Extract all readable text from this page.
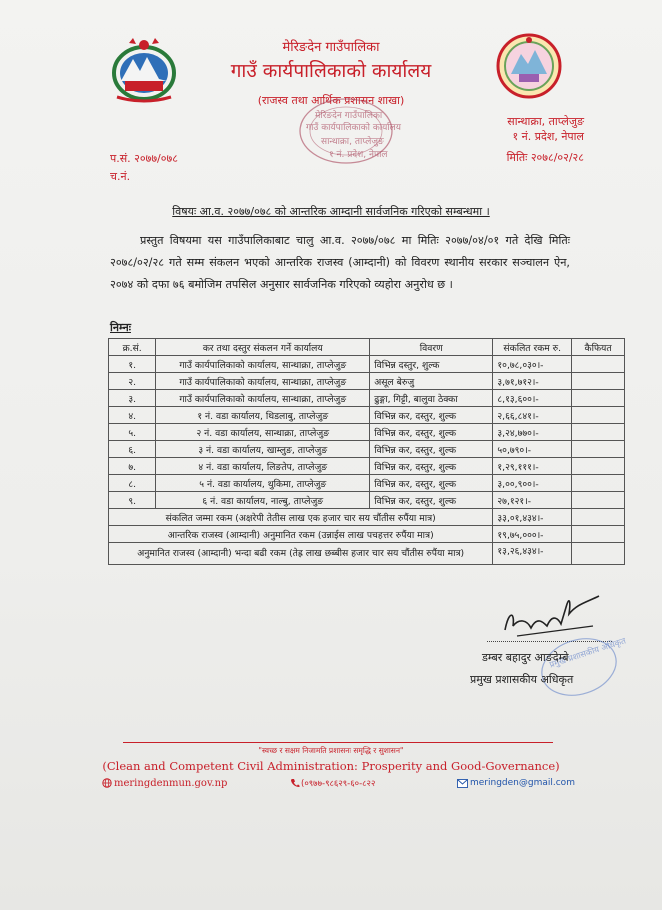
मेरिङदेन गाउँपालिका
गाउँ कार्यपालिकाको कार्यालय
(राजस्व तथा आर्थिक प्रशासन शाखा)
मेरिङदेन गाउँपालिका
गाउँ कार्यपालिकाको कार्यालय
सान्थाक्रा, ताप्लेजुङ
१ नं. प्रदेश, नेपाल
सान्थाक्रा, ताप्लेजुङ
१ नं. प्रदेश, नेपाल
मितिः २०७८/०२/२८
प.सं. २०७७/०७८
च.नं.
विषयः आ.व. २०७७/०७८ को आन्तरिक आम्दानी सार्वजनिक गरिएको सम्बन्धमा ।
प्रस्तुत विषयमा यस गाउँपालिकाबाट चालु आ.व. २०७७/०७८ मा मितिः २०७७/०४/०१ गते देखि मितिः २०७८/०२/२८ गते सम्म संकलन भएको आन्तरिक राजस्व (आम्दानी) को विवरण स्थानीय सरकार सञ्चालन ऐन, २०७४ को दफा ७६ बमोजिम तपसिल अनुसार सार्वजनिक गरिएको व्यहोरा अनुरोध छ ।
निम्नः
क्र.सं.	कर तथा दस्तुर संकलन गर्ने कार्यालय	विवरण	संकलित रकम रु.	कैफियत
१.	गाउँ कार्यपालिकाको कार्यालय, सान्थाक्रा, ताप्लेजुङ	विभिन्न दस्तुर, शुल्क	१०,७८,०३०।-	
२.	गाउँ कार्यपालिकाको कार्यालय, सान्थाक्रा, ताप्लेजुङ	असूल बेरुजु	३,७१,७१२।-	
३.	गाउँ कार्यपालिकाको कार्यालय, सान्थाक्रा, ताप्लेजुङ	ढुङ्गा, गिट्टी, बालुवा ठेक्का	८,१३,६००।-	
४.	१ नं. वडा कार्यालय, थिडलाबु, ताप्लेजुङ	विभिन्न कर, दस्तुर, शुल्क	२,६६,८४१।-	
५.	२ नं. वडा कार्यालय, सान्थाक्रा, ताप्लेजुङ	विभिन्न कर, दस्तुर, शुल्क	३,२४,७७०।-	
६.	३ नं. वडा कार्यालय, खाम्लुङ, ताप्लेजुङ	विभिन्न कर, दस्तुर, शुल्क	५०,७९०।-	
७.	४ नं. वडा कार्यालय, लिङतेप, ताप्लेजुङ	विभिन्न कर, दस्तुर, शुल्क	१,२९,१११।-	
८.	५ नं. वडा कार्यालय, थुकिमा, ताप्लेजुङ	विभिन्न कर, दस्तुर, शुल्क	३,००,९००।-	
९.	६ नं. वडा कार्यालय, नाल्बु, ताप्लेजुङ	विभिन्न कर, दस्तुर, शुल्क	२७,१२१।-	
संकलित जम्मा रकम (अक्षरेपी तेतीस लाख एक हजार चार सय चौंतीस रुपैंया मात्र)			३३,०१,४३४।-	
आन्तरिक राजस्व (आम्दानी) अनुमानित रकम (उन्नाईस लाख पचहत्तर रुपैंया मात्र)			१९,७५,०००।-	
अनुमानित राजस्व (आम्दानी) भन्दा बढी रकम (तेह्र लाख छब्बीस हजार चार सय चौंतीस रुपैंया मात्र)			१३,२६,४३४।-	
प्रमुख प्रशासकीय अधिकृत
डम्बर बहादुर आङदेम्बे
प्रमुख प्रशासकीय अधिकृत
"स्वच्छ र सक्षम निजामति प्रशासनः समृद्धि र सुशासन"
(Clean and Competent Civil Administration: Prosperity and Good-Governance)
meringdenmun.gov.np	(०९७७-९८६२९-६०-८२२	meringden@gmail.com
